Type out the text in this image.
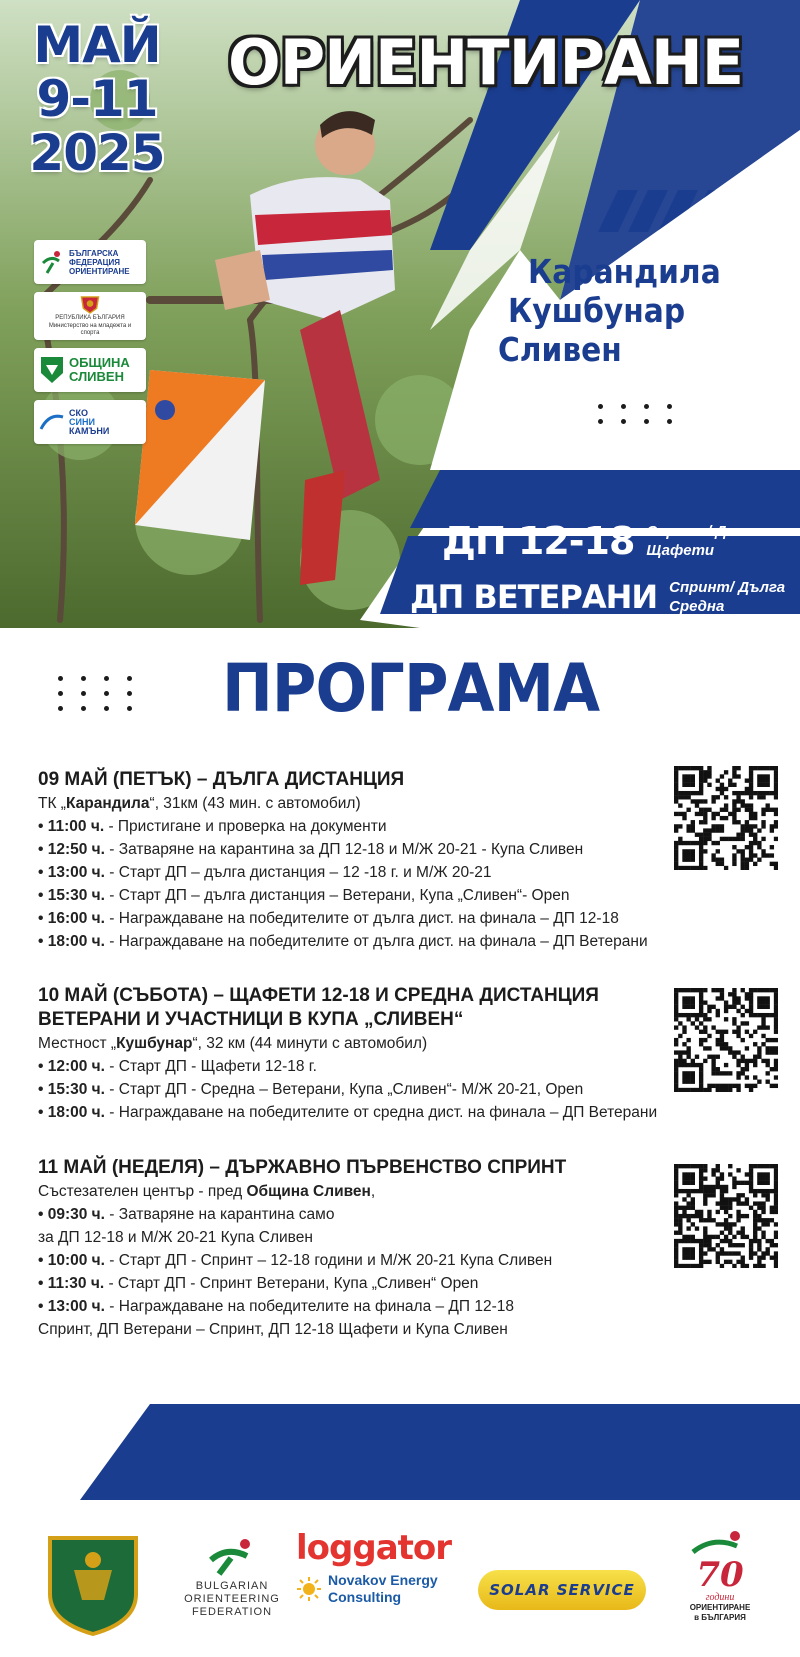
МАЙ
9-11
2025
ОРИЕНТИРАНЕ
БЪЛГАРСКА
ФЕДЕРАЦИЯ
ОРИЕНТИРАНЕ
РЕПУБЛИКА БЪЛГАРИЯ
Министерство на младежта и спорта
ОБЩИНА
СЛИВЕН
СКО
СИНИ
КАМЪНИ
Карандила
Кушбунар
Сливен
ДП 12-18 Спринт/ Дълга
Щафети
ДП ВЕТЕРАНИ Спринт/ Дълга
Средна
ПРОГРАМА
09 МАЙ (ПЕТЪК) – ДЪЛГА ДИСТАНЦИЯ
ТК „Карандила“, 31км (43 мин. с автомобил)
• 11:00 ч. - Пристигане и проверка на документи
• 12:50 ч. - Затваряне на карантина за ДП 12-18 и М/Ж 20-21 - Купа Сливен
• 13:00 ч. - Старт ДП – дълга дистанция – 12 -18 г. и М/Ж 20-21
• 15:30 ч. - Старт ДП – дълга дистанция – Ветерани, Купа „Сливен“- Open
• 16:00 ч. - Награждаване на победителите от дълга дист. на финала – ДП 12-18
• 18:00 ч. - Награждаване на победителите от дълга дист. на финала – ДП Ветерани
10 МАЙ (СЪБОТА) – ЩАФЕТИ 12-18 И СРЕДНА ДИСТАНЦИЯ
ВЕТЕРАНИ И УЧАСТНИЦИ В КУПА „СЛИВЕН“
Местност „Кушбунар“, 32 км (44 минути с автомобил)
• 12:00 ч. - Старт ДП - Щафети 12-18 г.
• 15:30 ч. - Старт ДП - Средна – Ветерани, Купа „Сливен“- М/Ж 20-21, Open
• 18:00 ч. - Награждаване на победителите от средна дист. на финала – ДП Ветерани
11 МАЙ (НЕДЕЛЯ) – ДЪРЖАВНО ПЪРВЕНСТВО СПРИНТ
Състезателен център - пред Община Сливен,
• 09:30 ч. - Затваряне на карантина само
за ДП 12-18 и М/Ж 20-21 Купа Сливен
• 10:00 ч. - Старт ДП - Спринт – 12-18 години и М/Ж 20-21 Купа Сливен
• 11:30 ч. - Старт ДП - Спринт Ветерани, Купа „Сливен“ Open
• 13:00 ч. - Награждаване на победителите на финала – ДП 12-18
Спринт, ДП Ветерани – Спринт, ДП 12-18 Щафети и Купа Сливен
BULGARIAN
ORIENTEERING
FEDERATION
loggator
Novakov Energy
Consulting	SOLAR SERVICE	70
години
ОРИЕНТИРАНЕ
в БЪЛГАРИЯ
